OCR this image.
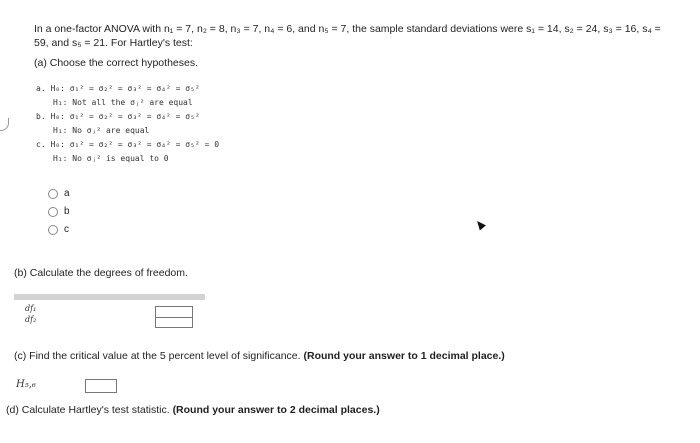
In a one-factor ANOVA with n₁ = 7, n₂ = 8, n₃ = 7, n₄ = 6, and n₅ = 7, the sample standard deviations were s₁ = 14, s₂ = 24, s₃ = 16, s₄ =
59, and s₅ = 21. For Hartley's test:
(a) Choose the correct hypotheses.
a. H₀: σ₁² = σ₂² = σ₃² = σ₄² = σ₅²
H₁: Not all the σⱼ² are equal
b. H₀: σ₁² = σ₂² = σ₃² = σ₄² = σ₅²
H₁: No σⱼ² are equal
c. H₀: σ₁² = σ₂² = σ₃² = σ₄² = σ₅² = 0
H₁: No σⱼ² is equal to 0
a
b
c
(b) Calculate the degrees of freedom.
df₁
df₂
(c) Find the critical value at the 5 percent level of significance. (Round your answer to 1 decimal place.)
H₅,₆
(d) Calculate Hartley's test statistic. (Round your answer to 2 decimal places.)
